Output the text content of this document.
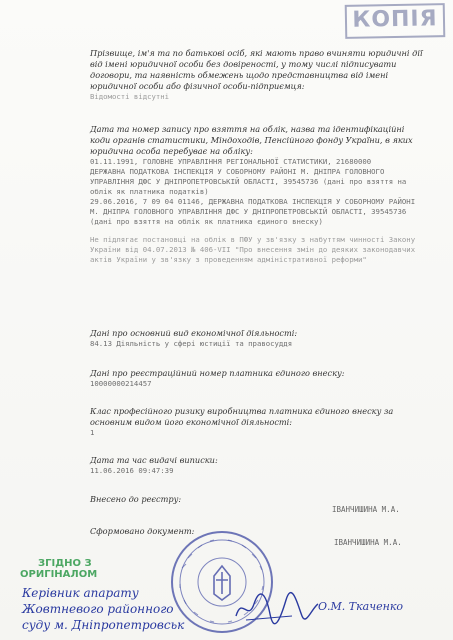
КОПІЯ
Прізвище, ім'я та по батькові осіб, які мають право вчиняти юридичні дії від імені юридичної особи без довіреності, у тому числі підписувати договори, та наявність обмежень щодо представництва від імені юридичної особи або фізичної особи-підприємця:
Відомості відсутні
Дата та номер запису про взяття на облік, назва та ідентифікаційні коди органів статистики, Міндоходів, Пенсійного фонду України, в яких юридична особа перебуває на обліку:
01.11.1991, ГОЛОВНЕ УПРАВЛІННЯ РЕГІОНАЛЬНОЇ СТАТИСТИКИ, 21680000
ДЕРЖАВНА ПОДАТКОВА ІНСПЕКЦІЯ У СОБОРНОМУ РАЙОНІ М. ДНІПРА ГОЛОВНОГО УПРАВЛІННЯ ДФС У ДНІПРОПЕТРОВСЬКІЙ ОБЛАСТІ, 39545736 (дані про взяття на облік як платника податків)
29.06.2016, 7 09 04 01146, ДЕРЖАВНА ПОДАТКОВА ІНСПЕКЦІЯ У СОБОРНОМУ РАЙОНІ М. ДНІПРА ГОЛОВНОГО УПРАВЛІННЯ ДФС У ДНІПРОПЕТРОВСЬКІЙ ОБЛАСТІ, 39545736 (дані про взяття на облік як платника єдиного внеску)
Не підлягає постановці на облік в ПФУ у зв'язку з набуттям чинності Закону України від 04.07.2013 № 406-VII "Про внесення змін до деяких законодавчих актів України у зв'язку з проведенням адміністративної реформи"
Дані про основний вид економічної діяльності:
84.13 Діяльність у сфері юстиції та правосуддя
Дані про реєстраційний номер платника єдиного внеску:
10000000214457
Клас професійного ризику виробництва платника єдиного внеску за основним видом його економічної діяльності:
1
Дата та час видачі виписки:
11.06.2016 09:47:39
Внесено до реєстру:
ІВАНЧИШИНА М.А.
Сформовано документ:
ІВАНЧИШИНА М.А.
ЗГІДНО З
ОРИГІНАЛОМ
Керівник апарату
Жовтневого районного
суду м. Дніпропетровськ
О.М. Ткаченко
